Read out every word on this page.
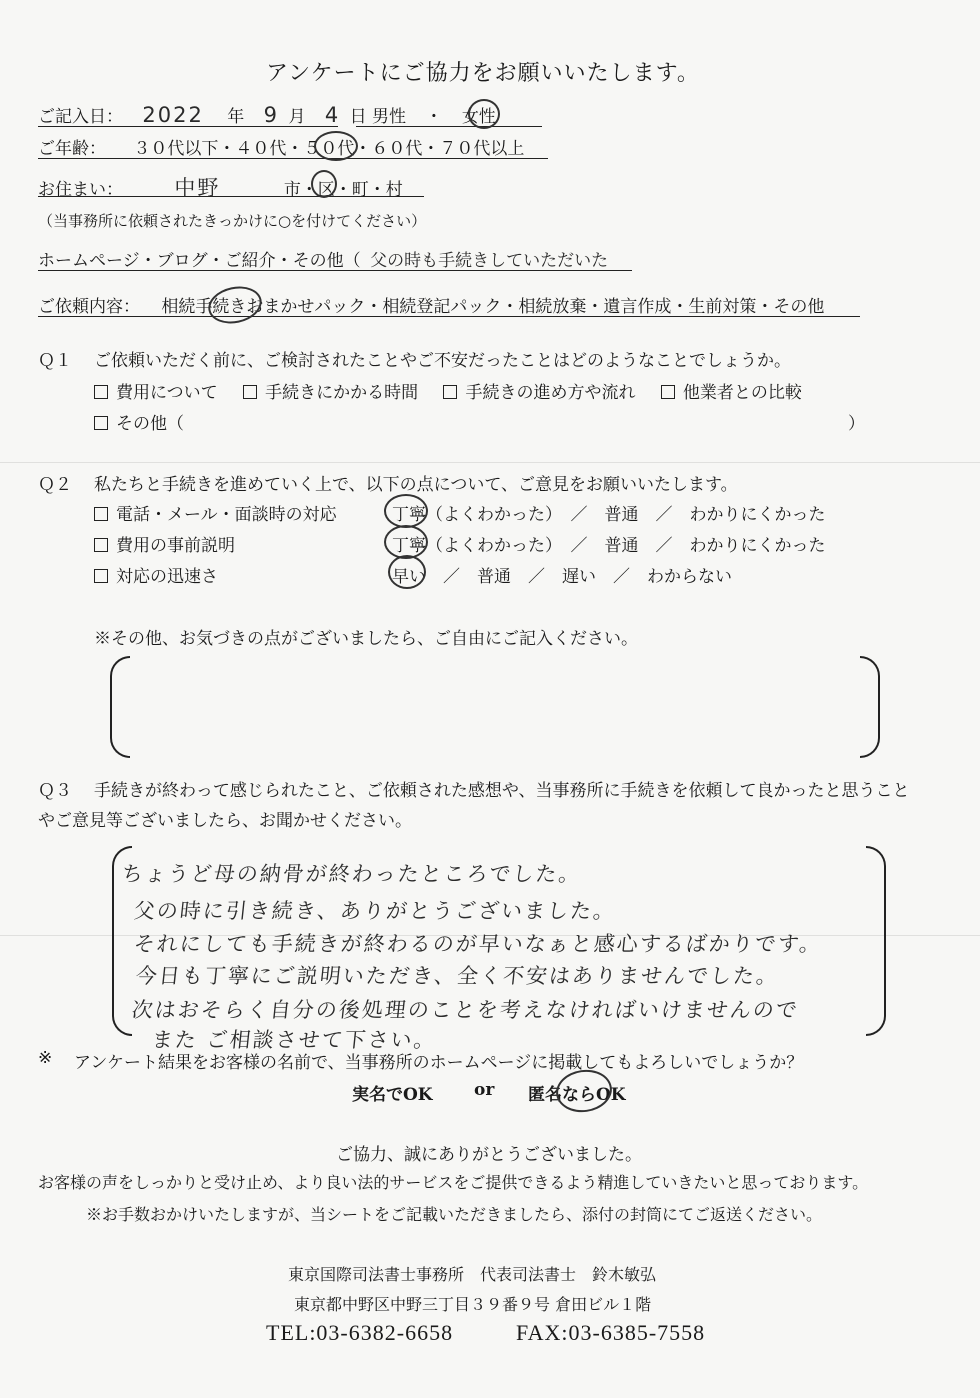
アンケートにご協力をお願いいたします。
ご記入日： 2022 年 9 月 4 日 男性 ・ 女性
ご年齢： ３０代以下・４０代・５０代・６０代・７０代以上
お住まい： 中野	市・区・町・村
（当事務所に依頼されたきっかけに○を付けてください）
ホームページ・ブログ・ご紹介・その他（ 父の時も手続きしていただいた
ご依頼内容： 相続手続きおまかせパック・相続登記パック・相続放棄・遺言作成・生前対策・その他
Ｑ１ ご依頼いただく前に、ご検討されたことやご不安だったことはどのようなことでしょうか。
費用について	手続きにかかる時間	手続きの進め方や流れ	他業者との比較
その他（	）
Ｑ２ 私たちと手続きを進めていく上で、以下の点について、ご意見をお願いいたします。
電話・メール・面談時の対応	丁寧（よくわかった）　／　普通　／　わかりにくかった
費用の事前説明	丁寧（よくわかった）　／　普通　／　わかりにくかった
対応の迅速さ	早い　／　普通　／　遅い　／　わからない
※その他、お気づきの点がございましたら、ご自由にご記入ください。
Ｑ３ 手続きが終わって感じられたこと、ご依頼された感想や、当事務所に手続きを依頼して良かったと思うこと
やご意見等ございましたら、お聞かせください。
ちょうど母の納骨が終わったところでした。
父の時に引き続き、ありがとうございました。
それにしても手続きが終わるのが早いなぁと感心するばかりです。
今日も丁寧にご説明いただき、全く不安はありませんでした。
次はおそらく自分の後処理のことを考えなければいけませんので
また ご相談させて下さい。
※ アンケート結果をお客様の名前で、当事務所のホームページに掲載してもよろしいでしょうか？
実名でOK or 匿名ならOK
ご協力、誠にありがとうございました。
お客様の声をしっかりと受け止め、より良い法的サービスをご提供できるよう精進していきたいと思っております。
※お手数おかけいたしますが、当シートをご記載いただきましたら、添付の封筒にてご返送ください。
東京国際司法書士事務所　代表司法書士　鈴木敏弘
東京都中野区中野三丁目３９番９号 倉田ビル１階
TEL:03-6382-6658	FAX:03-6385-7558
